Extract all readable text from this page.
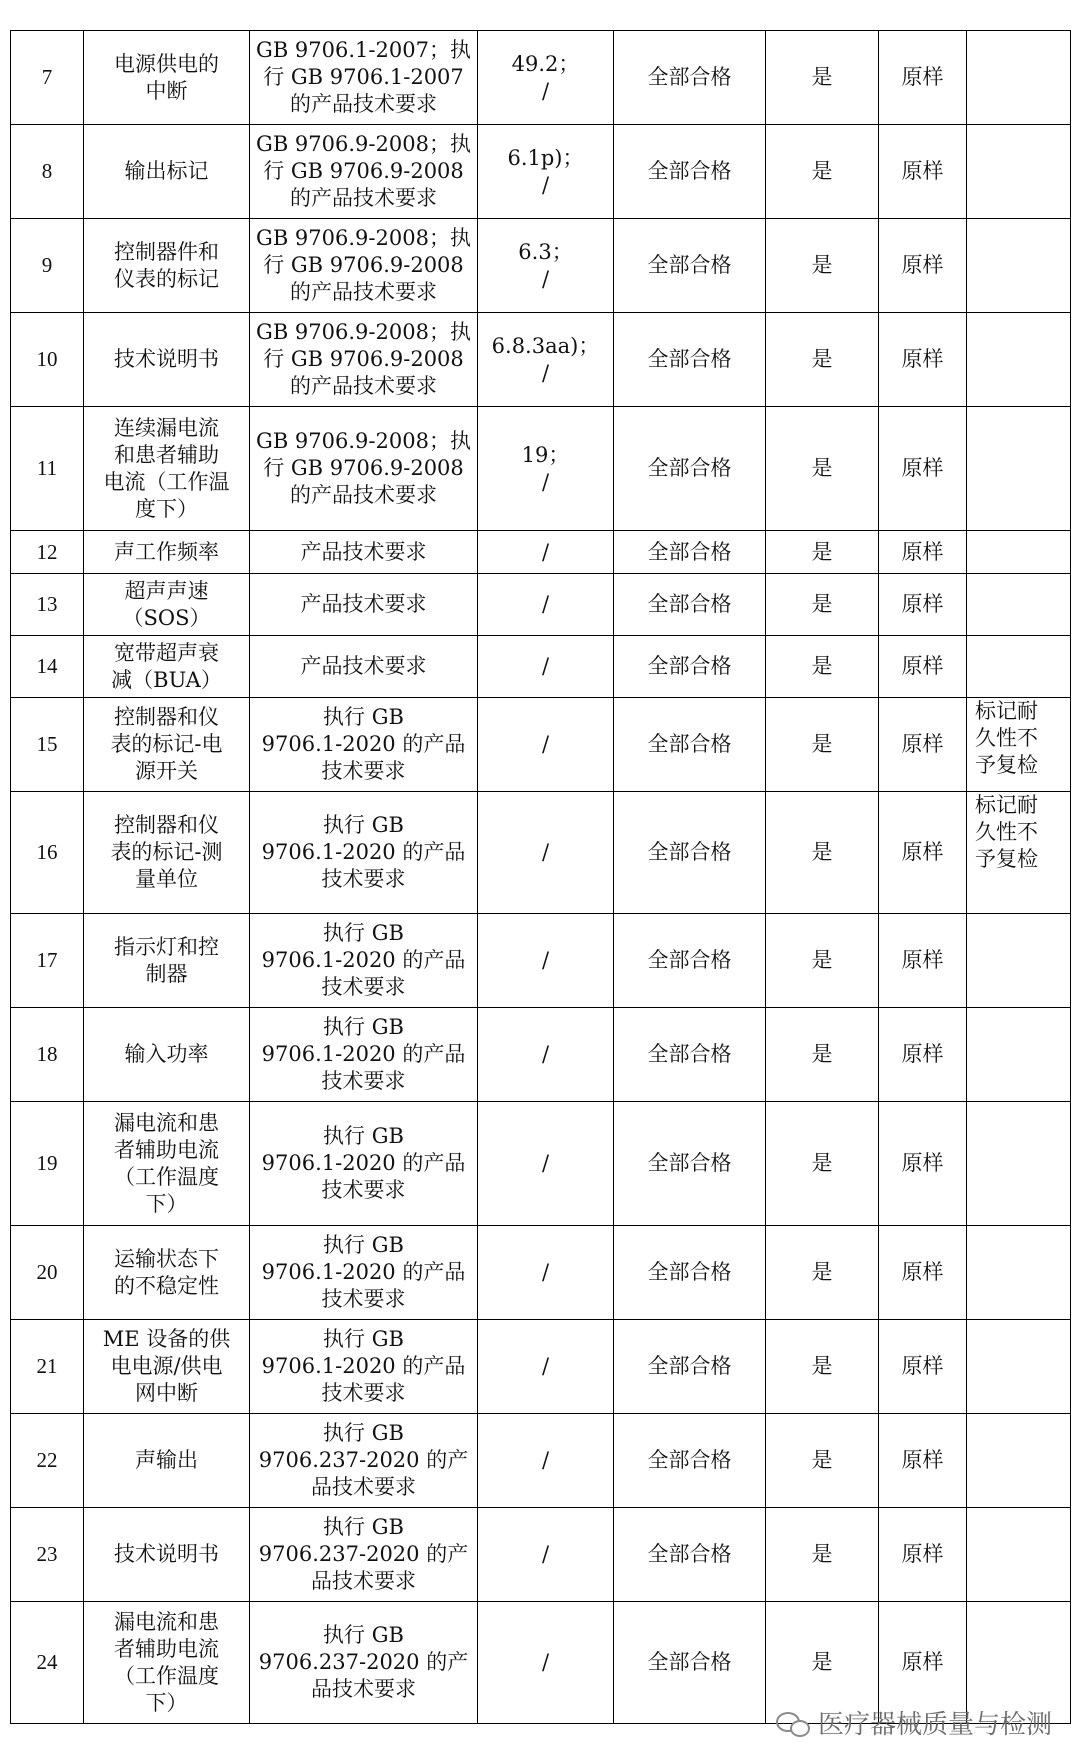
7	电源供电的
中断	GB 9706.1-2007；执
行 GB 9706.1-2007
的产品技术要求	49.2；
/	全部合格	是	原样	
8	输出标记	GB 9706.9-2008；执
行 GB 9706.9-2008
的产品技术要求	6.1p)；
/	全部合格	是	原样	
9	控制器件和
仪表的标记	GB 9706.9-2008；执
行 GB 9706.9-2008
的产品技术要求	6.3；
/	全部合格	是	原样	
10	技术说明书	GB 9706.9-2008；执
行 GB 9706.9-2008
的产品技术要求	6.8.3aa)；
/	全部合格	是	原样	
11	连续漏电流
和患者辅助
电流（工作温
度下）	GB 9706.9-2008；执
行 GB 9706.9-2008
的产品技术要求	19；
/	全部合格	是	原样	
12	声工作频率	产品技术要求	/	全部合格	是	原样	
13	超声声速
（SOS）	产品技术要求	/	全部合格	是	原样	
14	宽带超声衰
减（BUA）	产品技术要求	/	全部合格	是	原样	
15	控制器和仪
表的标记-电
源开关	执行 GB
9706.1-2020 的产品
技术要求	/	全部合格	是	原样	标记耐
久性不
予复检
16	控制器和仪
表的标记-测
量单位	执行 GB
9706.1-2020 的产品
技术要求	/	全部合格	是	原样	标记耐
久性不
予复检
17	指示灯和控
制器	执行 GB
9706.1-2020 的产品
技术要求	/	全部合格	是	原样	
18	输入功率	执行 GB
9706.1-2020 的产品
技术要求	/	全部合格	是	原样	
19	漏电流和患
者辅助电流
（工作温度
下）	执行 GB
9706.1-2020 的产品
技术要求	/	全部合格	是	原样	
20	运输状态下
的不稳定性	执行 GB
9706.1-2020 的产品
技术要求	/	全部合格	是	原样	
21	ME 设备的供
电电源/供电
网中断	执行 GB
9706.1-2020 的产品
技术要求	/	全部合格	是	原样	
22	声输出	执行 GB
9706.237-2020 的产
品技术要求	/	全部合格	是	原样	
23	技术说明书	执行 GB
9706.237-2020 的产
品技术要求	/	全部合格	是	原样	
24	漏电流和患
者辅助电流
（工作温度
下）	执行 GB
9706.237-2020 的产
品技术要求	/	全部合格	是	原样	
医疗器械质量与检测
